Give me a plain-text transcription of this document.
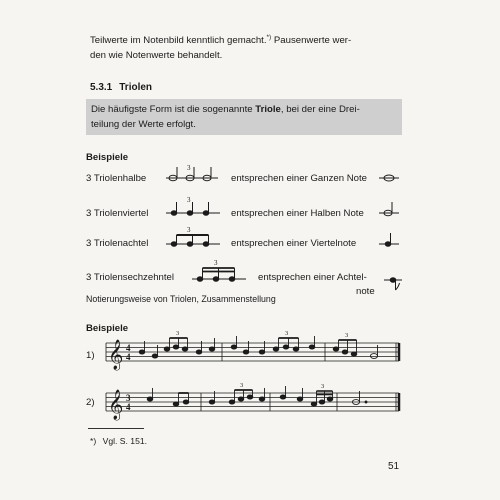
Teilwerte im Notenbild kenntlich gemacht.*) Pausenwerte wer-
den wie Notenwerte behandelt.
5.3.1 Triolen
Die häufigste Form ist die sogenannte Triole, bei der eine Drei-
teilung der Werte erfolgt.
Beispiele
3 Triolenhalbe	entsprechen einer Ganzen Note
3 Triolenviertel	entsprechen einer Halben Note
3 Triolenachtel	entsprechen einer Viertelnote
3 Triolensechzehntel	entsprechen einer Achtel-
note
3
3
3
3
Notierungsweise von Triolen, Zusammenstellung
Beispiele
1)
2)
𝄞 4
4
3	3	3
𝄞 3
4
3	3
*) Vgl. S. 151.
51
